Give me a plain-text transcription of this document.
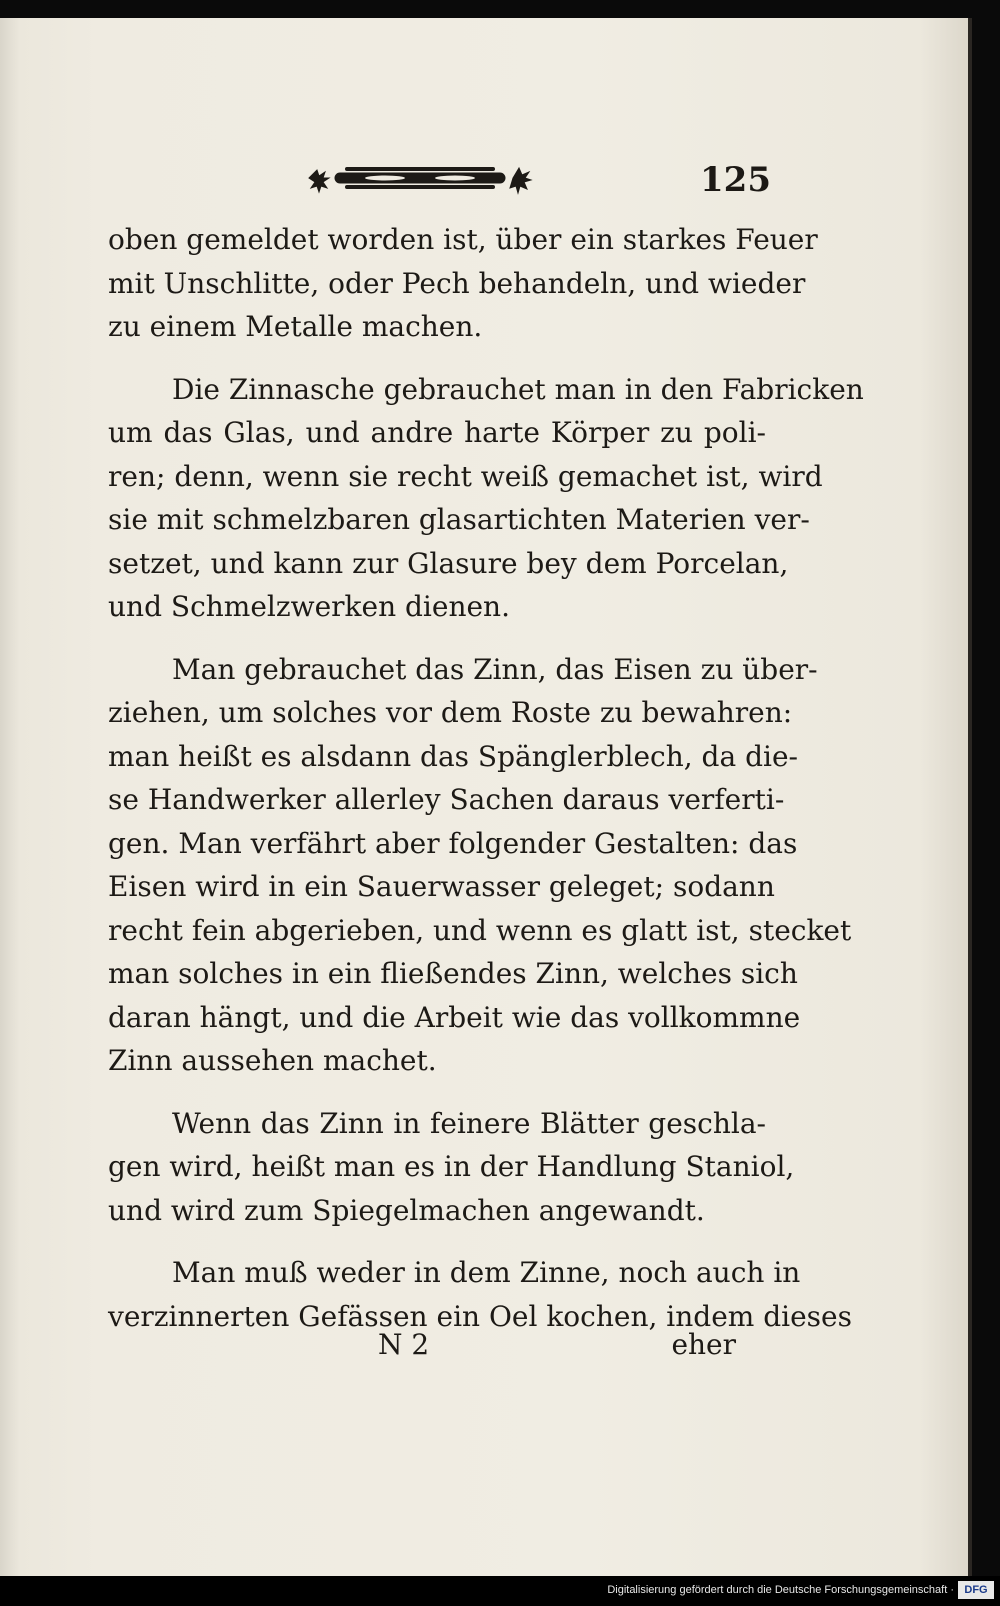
125
oben gemeldet worden ist, über ein starkes Feuer
mit Unschlitte, oder Pech behandeln, und wieder
zu einem Metalle machen.
Die Zinnasche gebrauchet man in den Fabricken
um das Glas, und andre harte Körper zu poli-
ren; denn, wenn sie recht weiß gemachet ist, wird
sie mit schmelzbaren glasartichten Materien ver-
setzet, und kann zur Glasure bey dem Porcelan,
und Schmelzwerken dienen.
Man gebrauchet das Zinn, das Eisen zu über-
ziehen, um solches vor dem Roste zu bewahren:
man heißt es alsdann das Spänglerblech, da die-
se Handwerker allerley Sachen daraus verferti-
gen. Man verfährt aber folgender Gestalten: das
Eisen wird in ein Sauerwasser geleget; sodann
recht fein abgerieben, und wenn es glatt ist, stecket
man solches in ein fließendes Zinn, welches sich
daran hängt, und die Arbeit wie das vollkommne
Zinn aussehen machet.
Wenn das Zinn in feinere Blätter geschla-
gen wird, heißt man es in der Handlung Staniol,
und wird zum Spiegelmachen angewandt.
Man muß weder in dem Zinne, noch auch in
verzinnerten Gefässen ein Oel kochen, indem dieses
N 2	eher
Digitalisierung gefördert durch die Deutsche Forschungsgemeinschaft · DFG
